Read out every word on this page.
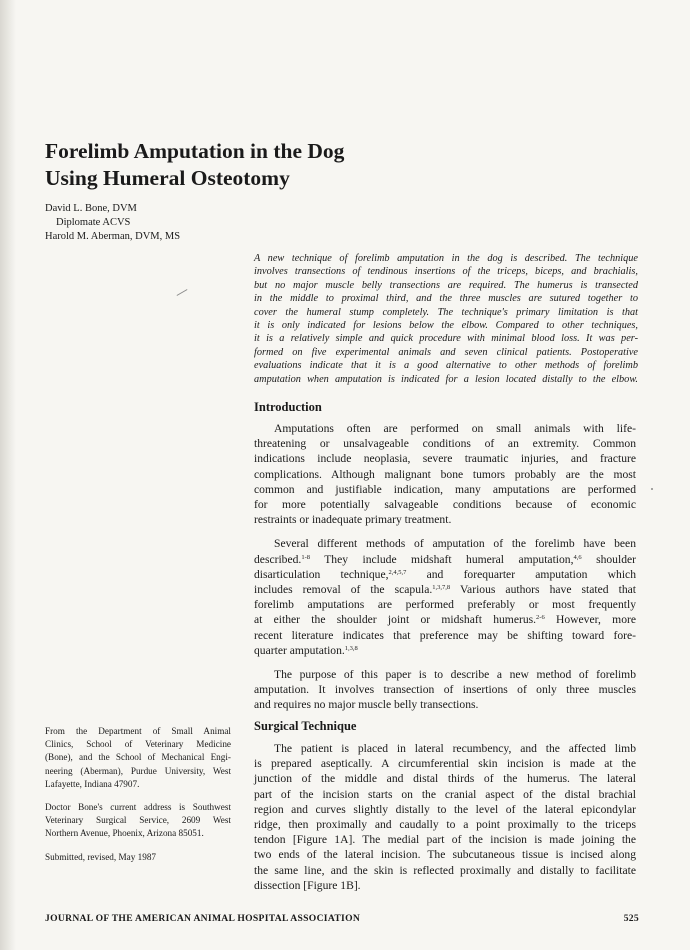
Forelimb Amputation in the Dog
Using Humeral Osteotomy
David L. Bone, DVM
Diplomate ACVS
Harold M. Aberman, DVM, MS
A new technique of forelimb amputation in the dog is described. The technique
involves transections of tendinous insertions of the triceps, biceps, and brachialis,
but no major muscle belly transections are required. The humerus is transected
in the middle to proximal third, and the three muscles are sutured together to
cover the humeral stump completely. The technique's primary limitation is that
it is only indicated for lesions below the elbow. Compared to other techniques,
it is a relatively simple and quick procedure with minimal blood loss. It was per-
formed on five experimental animals and seven clinical patients. Postoperative
evaluations indicate that it is a good alternative to other methods of forelimb
amputation when amputation is indicated for a lesion located distally to the elbow.
Introduction

Amputations often are performed on small animals with life-
threatening or unsalvageable conditions of an extremity. Common
indications include neoplasia, severe traumatic injuries, and fracture
complications. Although malignant bone tumors probably are the most
common and justifiable indication, many amputations are performed
for more potentially salvageable conditions because of economic
restraints or inadequate primary treatment.

Several different methods of amputation of the forelimb have been
described.$^{1-8}$ They include midshaft humeral amputation,$^{4,6}$ shoulder
disarticulation technique,$^{2,4,5,7}$ and forequarter amputation which
includes removal of the scapula.$^{1,3,7,8}$ Various authors have stated that
forelimb amputations are performed preferably or most frequently
at either the shoulder joint or midshaft humerus.$^{2-6}$ However, more
recent literature indicates that preference may be shifting toward fore-
quarter amputation.$^{1,3,8}$

The purpose of this paper is to describe a new method of forelimb
amputation. It involves transection of insertions of only three muscles
and requires no major muscle belly transections.

Surgical Technique

The patient is placed in lateral recumbency, and the affected limb
is prepared aseptically. A circumferential skin incision is made at the
junction of the middle and distal thirds of the humerus. The lateral
part of the incision starts on the cranial aspect of the distal brachial
region and curves slightly distally to the level of the lateral epicondylar
ridge, then proximally and caudally to a point proximally to the triceps
tendon [Figure 1A]. The medial part of the incision is made joining the
two ends of the lateral incision. The subcutaneous tissue is incised along
the same line, and the skin is reflected proximally and distally to facilitate
dissection [Figure 1B].

From the Department of Small Animal
Clinics, School of Veterinary Medicine
(Bone), and the School of Mechanical Engi-
neering (Aberman), Purdue University, West
Lafayette, Indiana 47907.

Doctor Bone's current address is Southwest
Veterinary Surgical Service, 2609 West
Northern Avenue, Phoenix, Arizona 85051.

Submitted, revised, May 1987

JOURNAL OF THE AMERICAN ANIMAL HOSPITAL ASSOCIATION	525
